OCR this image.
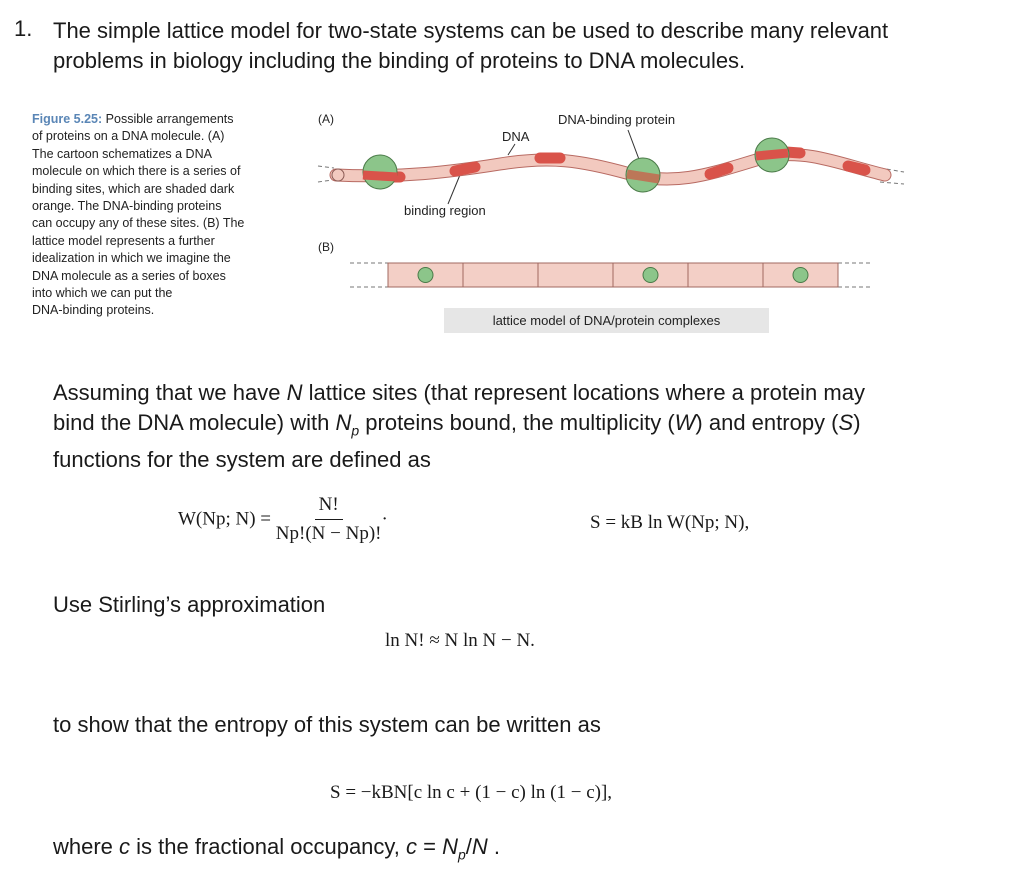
1. The simple lattice model for two-state systems can be used to describe many relevant
problems in biology including the binding of proteins to DNA molecules.
Figure 5.25: Possible arrangements
of proteins on a DNA molecule. (A)
The cartoon schematizes a DNA
molecule on which there is a series of
binding sites, which are shaded dark
orange. The DNA-binding proteins
can occupy any of these sites. (B) The
lattice model represents a further
idealization in which we imagine the
DNA molecule as a series of boxes
into which we can put the
DNA-binding proteins.
(A)
(B)
DNA
DNA-binding protein
binding region
lattice model of DNA/protein complexes
Assuming that we have N lattice sites (that represent locations where a protein may
bind the DNA molecule) with $N_p$ proteins bound, the multiplicity (W) and entropy (S)
functions for the system are defined as
W(Np; $N) = \frac{N!}{Np!(N - Np)!}$ ·	S = kB ln W(Np; N),
Use Stirling’s approximation
ln N! ≈ N ln N − N.
to show that the entropy of this system can be written as
S = −kBN[c ln c + (1 − c) ln (1 − c)],
where c is the fractional occupancy, $c = N_p/N$ .
